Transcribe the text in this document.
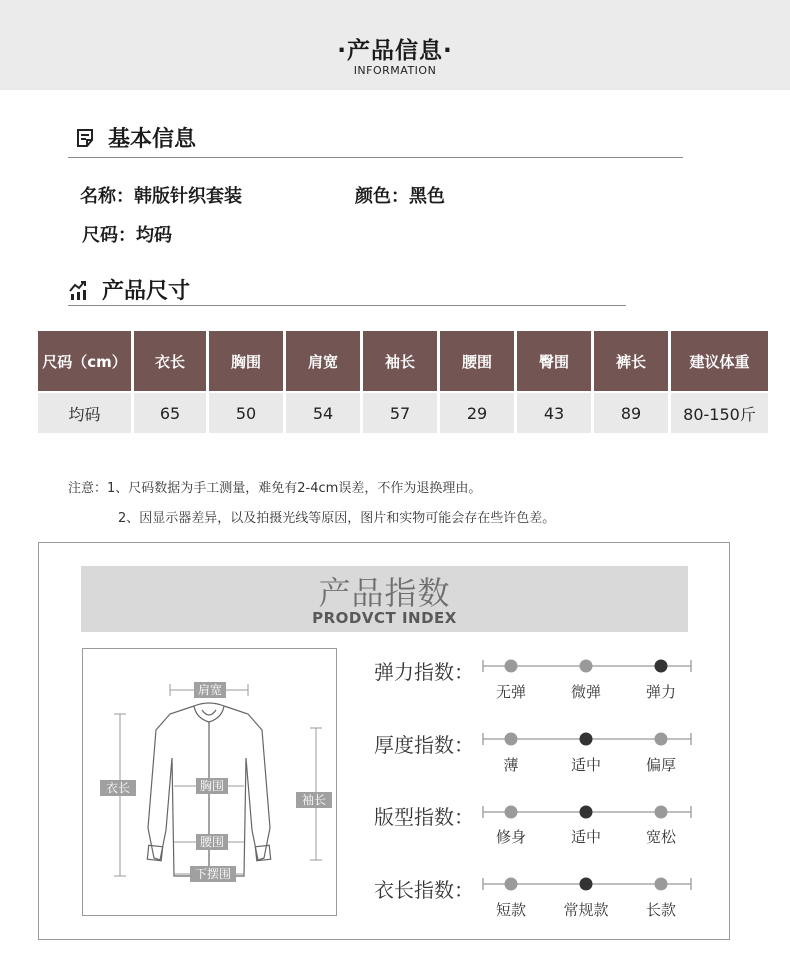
·产品信息·
INFORMATION
基本信息
名称：韩版针织套装	颜色：黑色
尺码：均码
产品尺寸
尺码（cm）	衣长	胸围	肩宽	袖长	腰围	臀围	裤长	建议体重
均码	65	50	54	57	29	43	89	80-150斤
注意：1、尺码数据为手工测量，难免有2-4cm误差，不作为退换理由。
2、因显示器差异，以及拍摄光线等原因，图片和实物可能会存在些许色差。
产品指数
PRODVCT INDEX
肩宽
衣长	胸围
袖长
腰围
下摆围
弹力指数：
无弹	微弹	弹力
厚度指数：
薄	适中	偏厚
版型指数：
修身	适中	宽松
衣长指数：
短款	常规款	长款
